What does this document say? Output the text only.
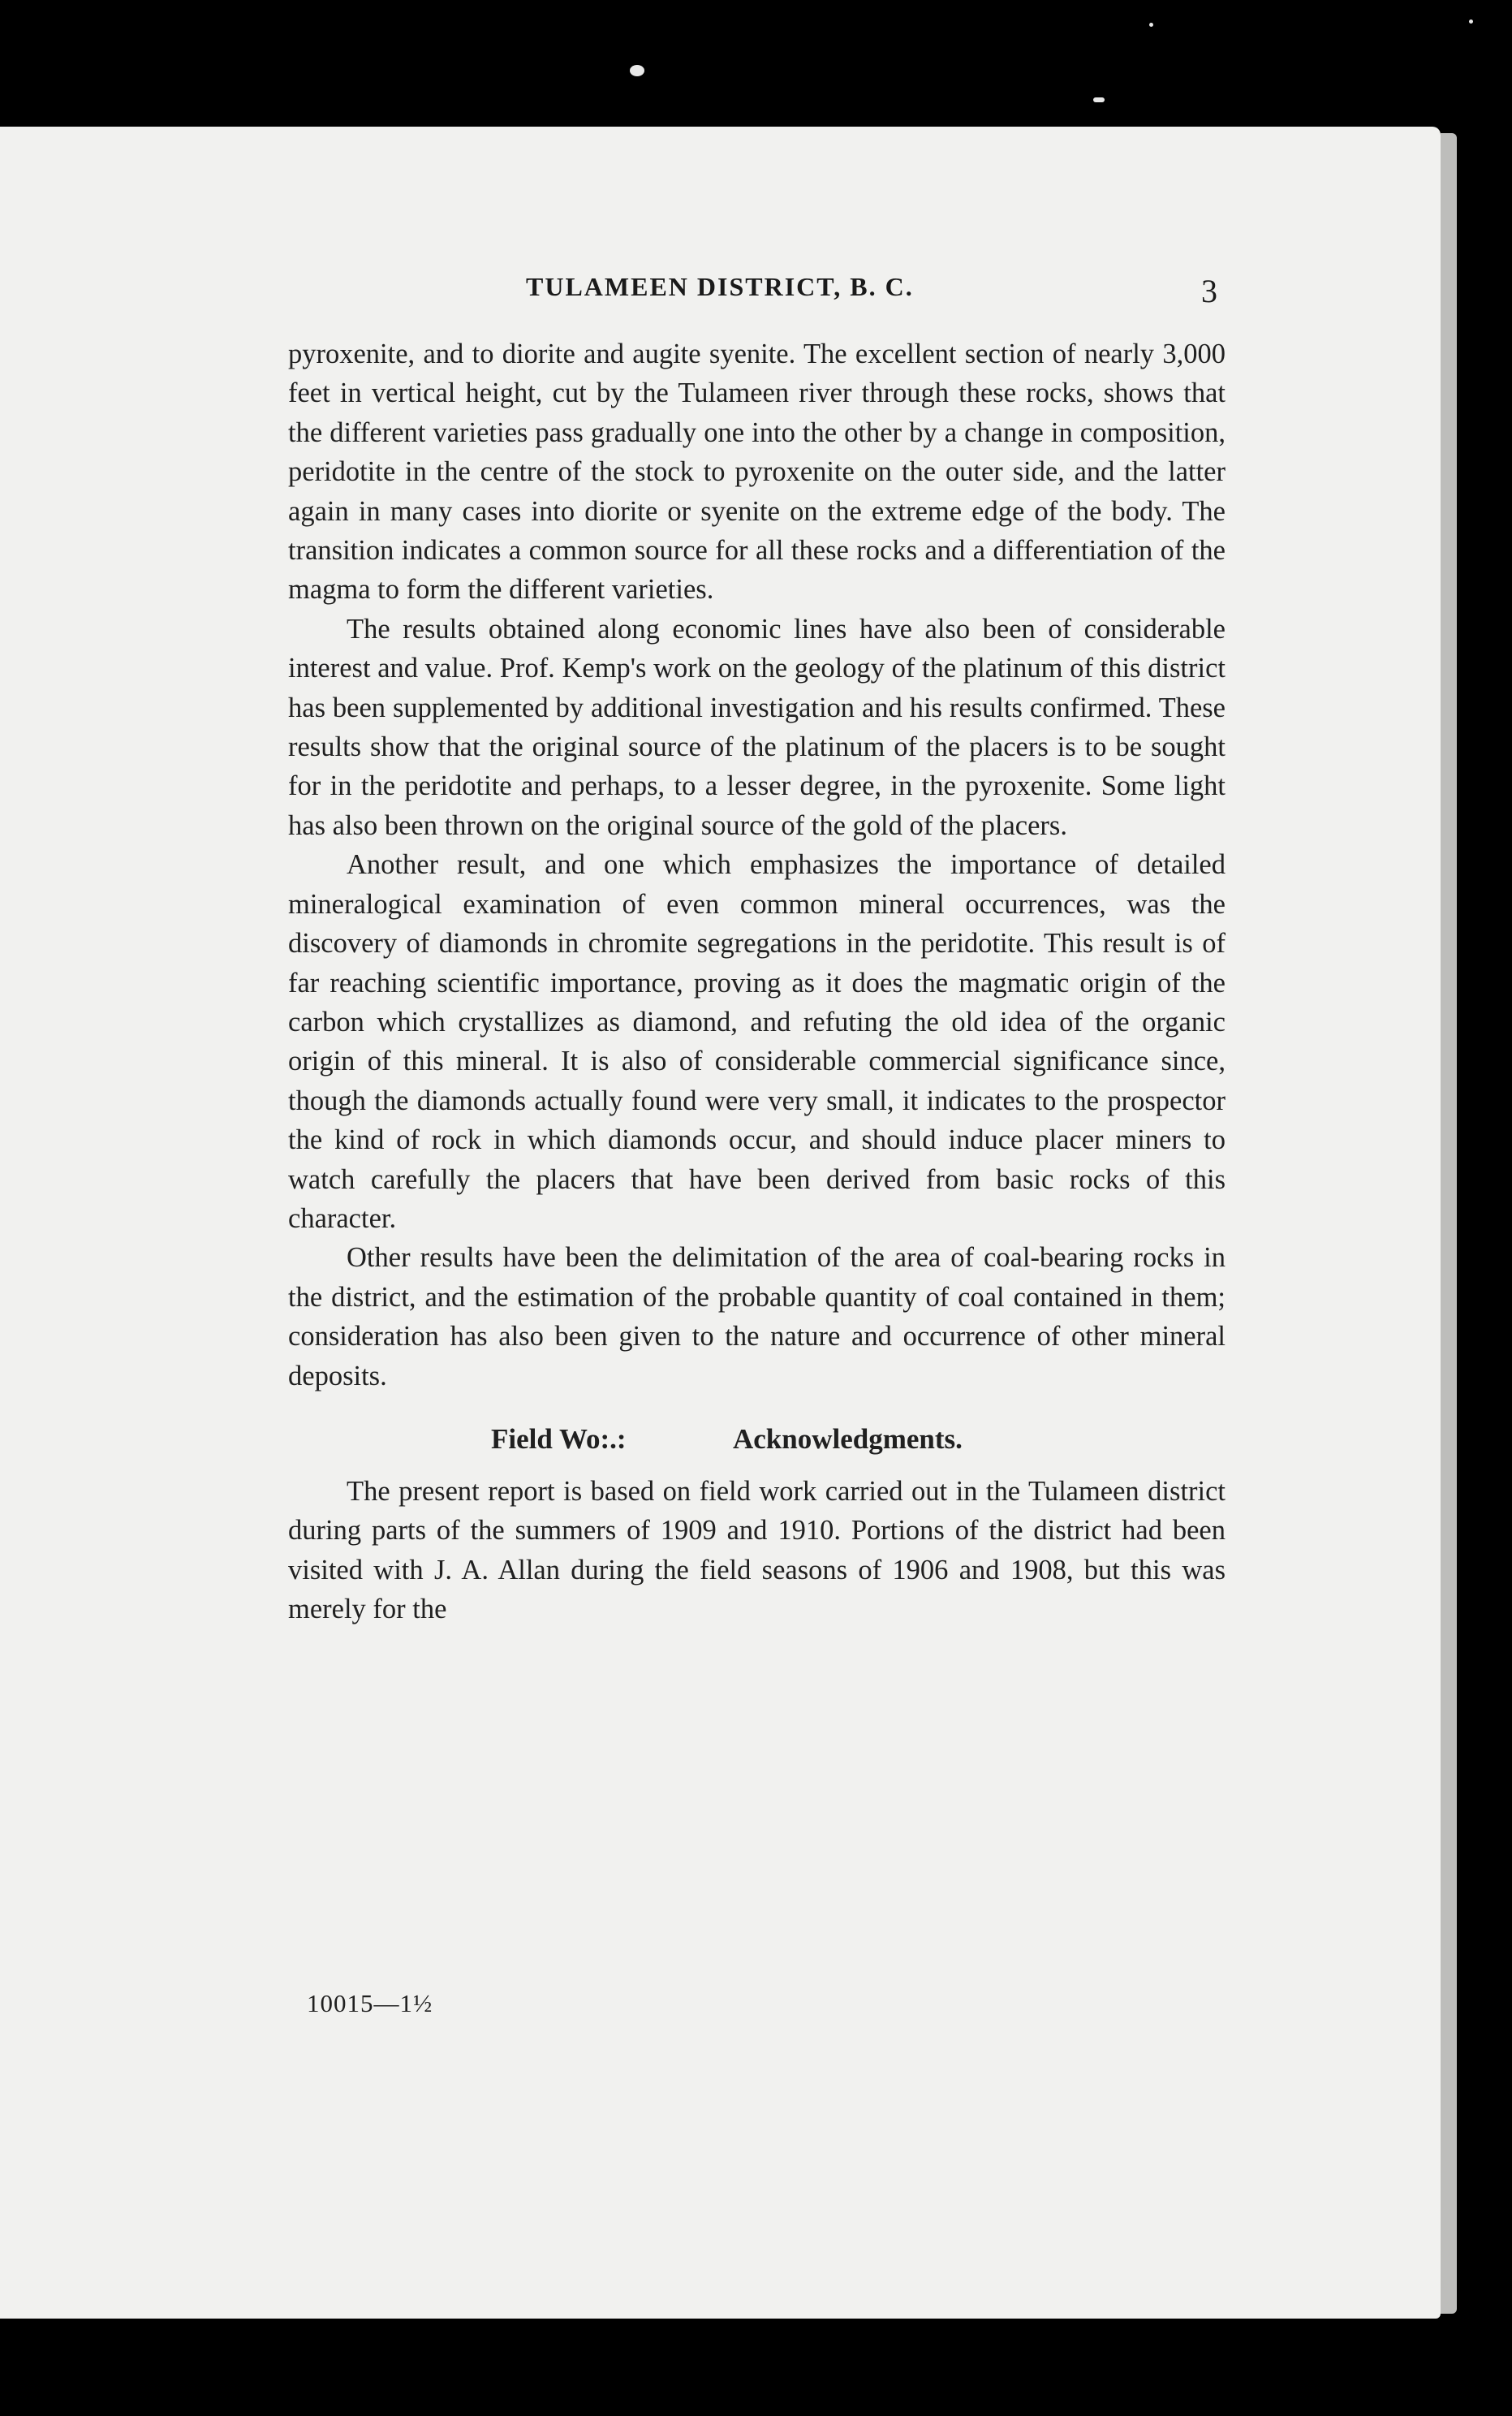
TULAMEEN DISTRICT, B. C.	3

pyroxenite, and to diorite and augite syenite. The excellent section of nearly 3,000 feet in vertical height, cut by the Tulameen river through these rocks, shows that the different varieties pass gradually one into the other by a change in composition, peridotite in the centre of the stock to pyroxenite on the outer side, and the latter again in many cases into diorite or syenite on the extreme edge of the body. The transition indicates a common source for all these rocks and a differentiation of the magma to form the different varieties.

The results obtained along economic lines have also been of considerable interest and value. Prof. Kemp's work on the geology of the platinum of this district has been supplemented by additional investigation and his results confirmed. These results show that the original source of the platinum of the placers is to be sought for in the peridotite and perhaps, to a lesser degree, in the pyroxenite. Some light has also been thrown on the original source of the gold of the placers.

Another result, and one which emphasizes the importance of detailed mineralogical examination of even common mineral occurrences, was the discovery of diamonds in chromite segregations in the peridotite. This result is of far reaching scientific importance, proving as it does the magmatic origin of the carbon which crystallizes as diamond, and refuting the old idea of the organic origin of this mineral. It is also of considerable commercial significance since, though the diamonds actually found were very small, it indicates to the prospector the kind of rock in which diamonds occur, and should induce placer miners to watch carefully the placers that have been derived from basic rocks of this character.

Other results have been the delimitation of the area of coal-bearing rocks in the district, and the estimation of the probable quantity of coal contained in them; consideration has also been given to the nature and occurrence of other mineral deposits.

Field Wo:.:	Acknowledgments.

The present report is based on field work carried out in the Tulameen district during parts of the summers of 1909 and 1910. Portions of the district had been visited with J. A. Allan during the field seasons of 1906 and 1908, but this was merely for the

10015—1½
